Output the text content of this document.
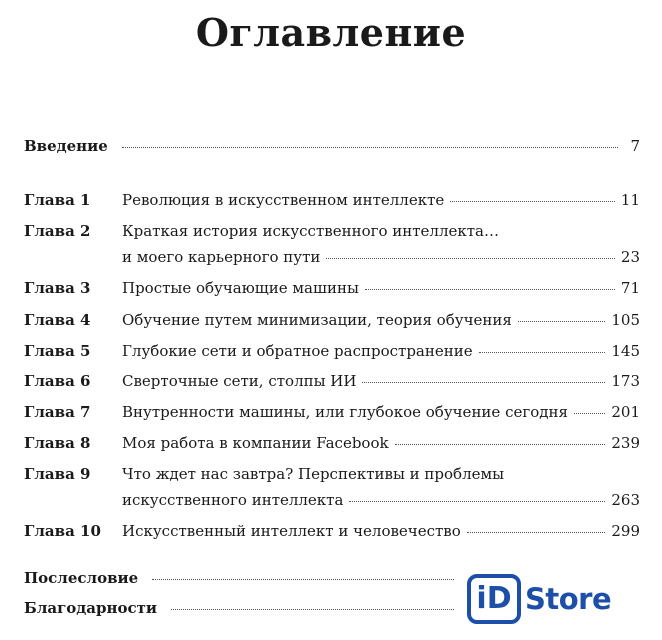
Оглавление
Введение	7
Глава 1 Революция в искусственном интеллекте	11
Глава 2 Краткая история искусственного интеллекта…
и моего карьерного пути	23
Глава 3 Простые обучающие машины	71
Глава 4 Обучение путем минимизации, теория обучения	105
Глава 5 Глубокие сети и обратное распространение	145
Глава 6 Сверточные сети, столпы ИИ	173
Глава 7 Внутренности машины, или глубокое обучение сегодня	201
Глава 8 Моя работа в компании Facebook	239
Глава 9 Что ждет нас завтра? Перспективы и проблемы
искусственного интеллекта	263
Глава 10 Искусственный интеллект и человечество	299
Послесловие
Благодарности	iD Store
